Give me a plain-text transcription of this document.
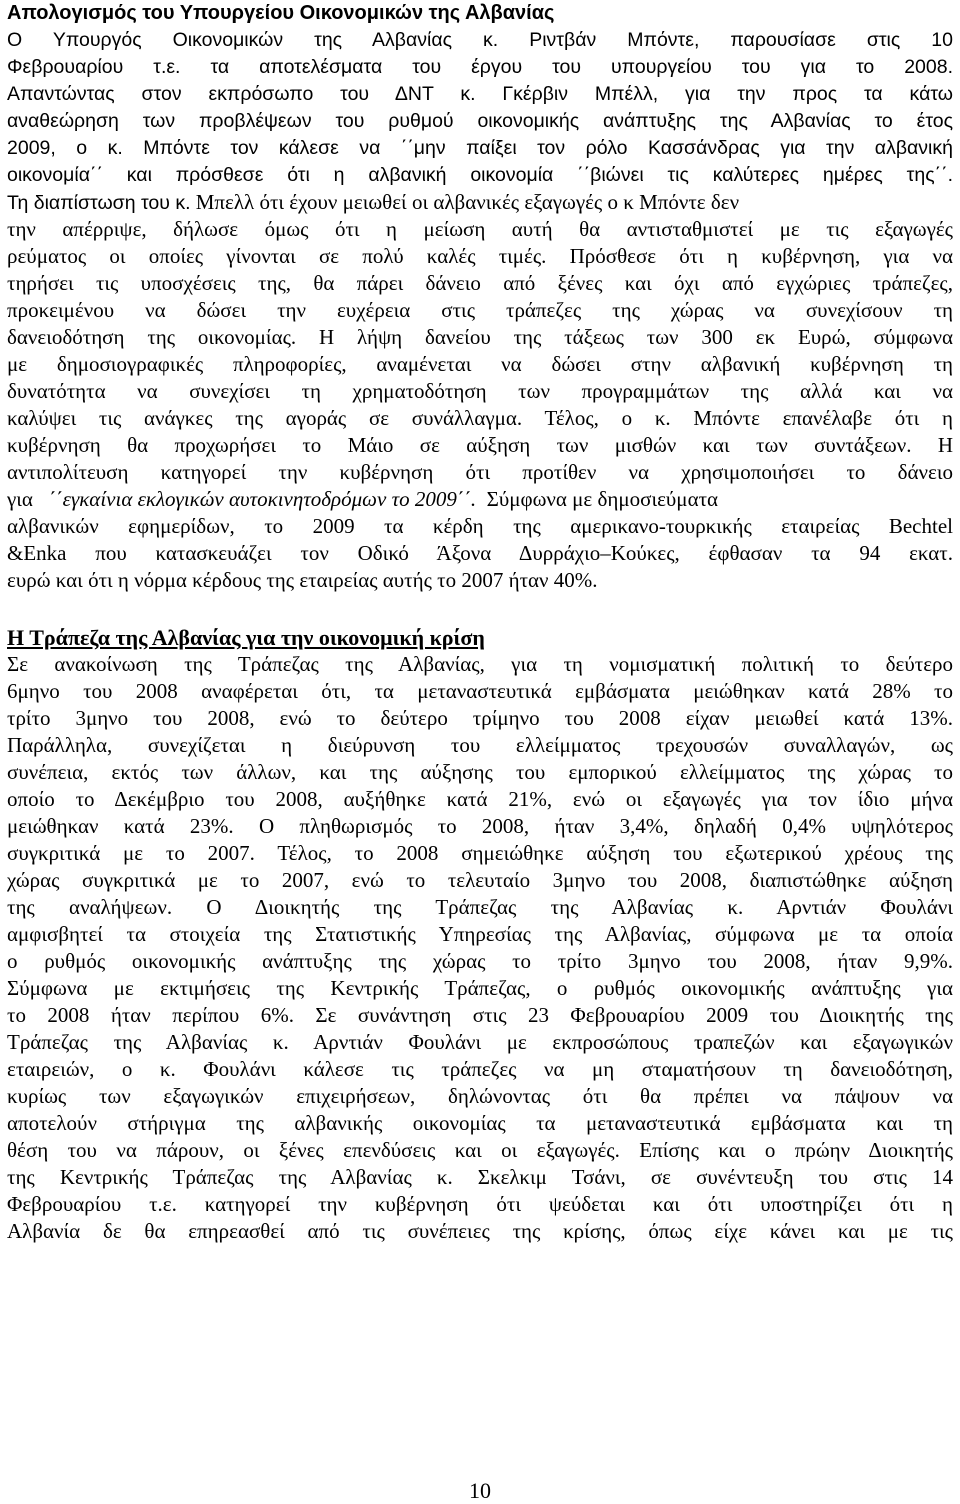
Απολογισμός του Υπουργείου Οικονομικών της Αλβανίας
Ο Υπουργός Οικονομικών της Αλβανίας κ. Ριντβάν Μπόντε, παρουσίασε στις 10
Φεβρουαρίου τ.ε. τα αποτελέσματα του έργου του υπουργείου του για το 2008.
Απαντώντας στον εκπρόσωπο του ΔΝΤ κ. Γκέρβιν Μπέλλ, για την προς τα κάτω
αναθεώρηση των προβλέψεων του ρυθμού οικονομικής ανάπτυξης της Αλβανίας το έτος
2009, ο κ. Μπόντε τον κάλεσε να ΄΄μην παίξει τον ρόλο Κασσάνδρας για την αλβανική
οικονομία΄΄ και πρόσθεσε ότι η αλβανική οικονομία ΄΄βιώνει τις καλύτερες ημέρες της΄΄.
Τη διαπίστωση του κ. Μπελλ ότι έχουν μειωθεί οι αλβανικές εξαγωγές ο κ Μπόντε δεν
την απέρριψε, δήλωσε όμως ότι η μείωση αυτή θα αντισταθμιστεί με τις εξαγωγές
ρεύματος οι οποίες γίνονται σε πολύ καλές τιμές. Πρόσθεσε ότι η κυβέρνηση, για να
τηρήσει τις υποσχέσεις της, θα πάρει δάνειο από ξένες και όχι από εγχώριες τράπεζες,
προκειμένου να δώσει την ευχέρεια στις τράπεζες της χώρας να συνεχίσουν τη
δανειοδότηση της οικονομίας. Η λήψη δανείου της τάξεως των 300 εκ Ευρώ, σύμφωνα
με δημοσιογραφικές πληροφορίες, αναμένεται να δώσει στην αλβανική κυβέρνηση τη
δυνατότητα να συνεχίσει τη χρηματοδότηση των προγραμμάτων της αλλά και να
καλύψει τις ανάγκες της αγοράς σε συνάλλαγμα. Τέλος, ο κ. Μπόντε επανέλαβε ότι η
κυβέρνηση θα προχωρήσει το Μάιο σε αύξηση των μισθών και των συντάξεων. Η
αντιπολίτευση κατηγορεί την κυβέρνηση ότι προτίθεν να χρησιμοποιήσει το δάνειο
για ΄΄εγκαίνια εκλογικών αυτοκινητοδρόμων το 2009΄΄. Σύμφωνα με δημοσιεύματα
αλβανικών εφημερίδων, το 2009 τα κέρδη της αμερικανο-τουρκικής εταιρείας Bechtel
&Enka που κατασκευάζει τον Οδικό Άξονα Δυρράχιο–Κούκες, έφθασαν τα 94 εκατ.
ευρώ και ότι η νόρμα κέρδους της εταιρείας αυτής το 2007 ήταν 40%.
Η Τράπεζα της Αλβανίας για την οικονομική κρίση
Σε ανακοίνωση της Τράπεζας της Αλβανίας, για τη νομισματική πολιτική το δεύτερο
6μηνο του 2008 αναφέρεται ότι, τα μεταναστευτικά εμβάσματα μειώθηκαν κατά 28% το
τρίτο 3μηνο του 2008, ενώ το δεύτερο τρίμηνο του 2008 είχαν μειωθεί κατά 13%.
Παράλληλα, συνεχίζεται η διεύρυνση του ελλείμματος τρεχουσών συναλλαγών, ως
συνέπεια, εκτός των άλλων, και της αύξησης του εμπορικού ελλείμματος της χώρας το
οποίο το Δεκέμβριο του 2008, αυξήθηκε κατά 21%, ενώ οι εξαγωγές για τον ίδιο μήνα
μειώθηκαν κατά 23%. Ο πληθωρισμός το 2008, ήταν 3,4%, δηλαδή 0,4% υψηλότερος
συγκριτικά με το 2007. Τέλος, το 2008 σημειώθηκε αύξηση του εξωτερικού χρέους της
χώρας συγκριτικά με το 2007, ενώ το τελευταίο 3μηνο του 2008, διαπιστώθηκε αύξηση
της αναλήψεων. Ο Διοικητής της Τράπεζας της Αλβανίας κ. Αρντιάν Φουλάνι
αμφισβητεί τα στοιχεία της Στατιστικής Υπηρεσίας της Αλβανίας, σύμφωνα με τα οποία
ο ρυθμός οικονομικής ανάπτυξης της χώρας το τρίτο 3μηνο του 2008, ήταν 9,9%.
Σύμφωνα με εκτιμήσεις της Κεντρικής Τράπεζας, ο ρυθμός οικονομικής ανάπτυξης για
το 2008 ήταν περίπου 6%. Σε συνάντηση στις 23 Φεβρουαρίου 2009 του Διοικητής της
Τράπεζας της Αλβανίας κ. Αρντιάν Φουλάνι με εκπροσώπους τραπεζών και εξαγωγικών
εταιρειών, ο κ. Φουλάνι κάλεσε τις τράπεζες να μη σταματήσουν τη δανειοδότηση,
κυρίως των εξαγωγικών επιχειρήσεων, δηλώνοντας ότι θα πρέπει να πάψουν να
αποτελούν στήριγμα της αλβανικής οικονομίας τα μεταναστευτικά εμβάσματα και τη
θέση του να πάρουν, οι ξένες επενδύσεις και οι εξαγωγές. Επίσης και ο πρώην Διοικητής
της Κεντρικής Τράπεζας της Αλβανίας κ. Σκελκιμ Τσάνι, σε συνέντευξη του στις 14
Φεβρουαρίου τ.ε. κατηγορεί την κυβέρνηση ότι ψεύδεται και ότι υποστηρίζει ότι η
Αλβανία δε θα επηρεασθεί από τις συνέπειες της κρίσης, όπως είχε κάνει και με τις
10
